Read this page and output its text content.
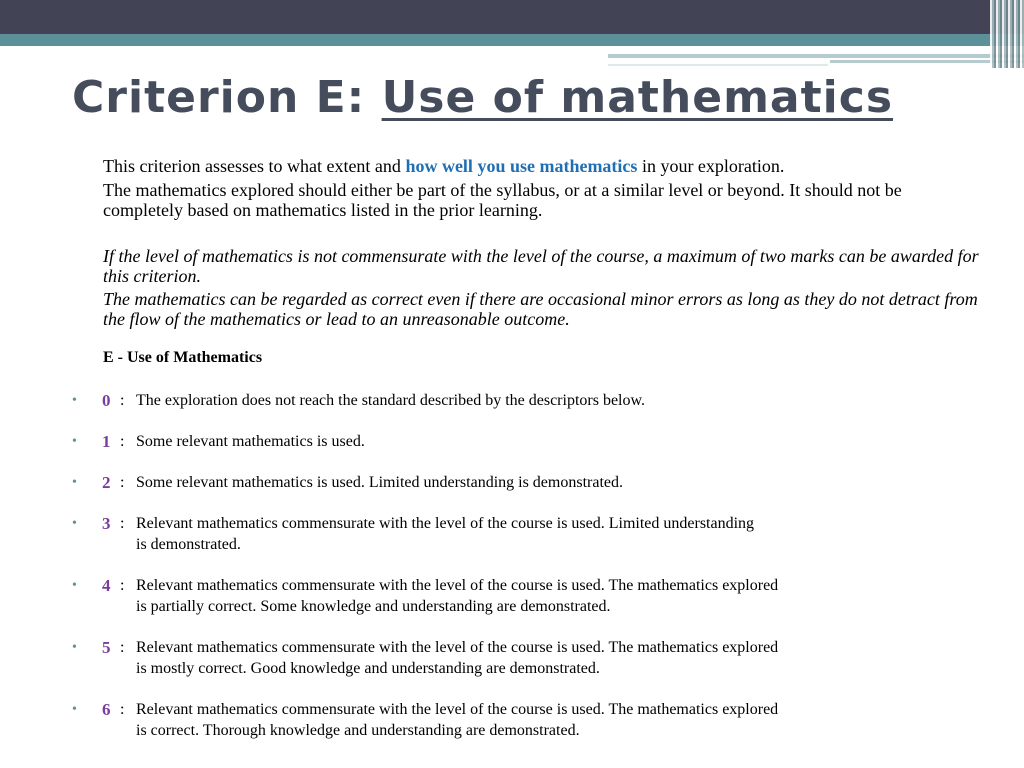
Criterion E: Use of mathematics
This criterion assesses to what extent and how well you use mathematics in your exploration.
The mathematics explored should either be part of the syllabus, or at a similar level or beyond. It should not be completely based on mathematics listed in the prior learning.
If the level of mathematics is not commensurate with the level of the course, a maximum of two marks can be awarded for this criterion.
The mathematics can be regarded as correct even if there are occasional minor errors as long as they do not detract from the flow of the mathematics or lead to an unreasonable outcome.
E - Use of Mathematics
• 0 : The exploration does not reach the standard described by the descriptors below.
• 1 : Some relevant mathematics is used.
• 2 : Some relevant mathematics is used. Limited understanding is demonstrated.
• 3 : Relevant mathematics commensurate with the level of the course is used. Limited understanding
is demonstrated.
• 4 : Relevant mathematics commensurate with the level of the course is used. The mathematics explored
is partially correct. Some knowledge and understanding are demonstrated.
• 5 : Relevant mathematics commensurate with the level of the course is used. The mathematics explored
is mostly correct. Good knowledge and understanding are demonstrated.
• 6 : Relevant mathematics commensurate with the level of the course is used. The mathematics explored
is correct. Thorough knowledge and understanding are demonstrated.
